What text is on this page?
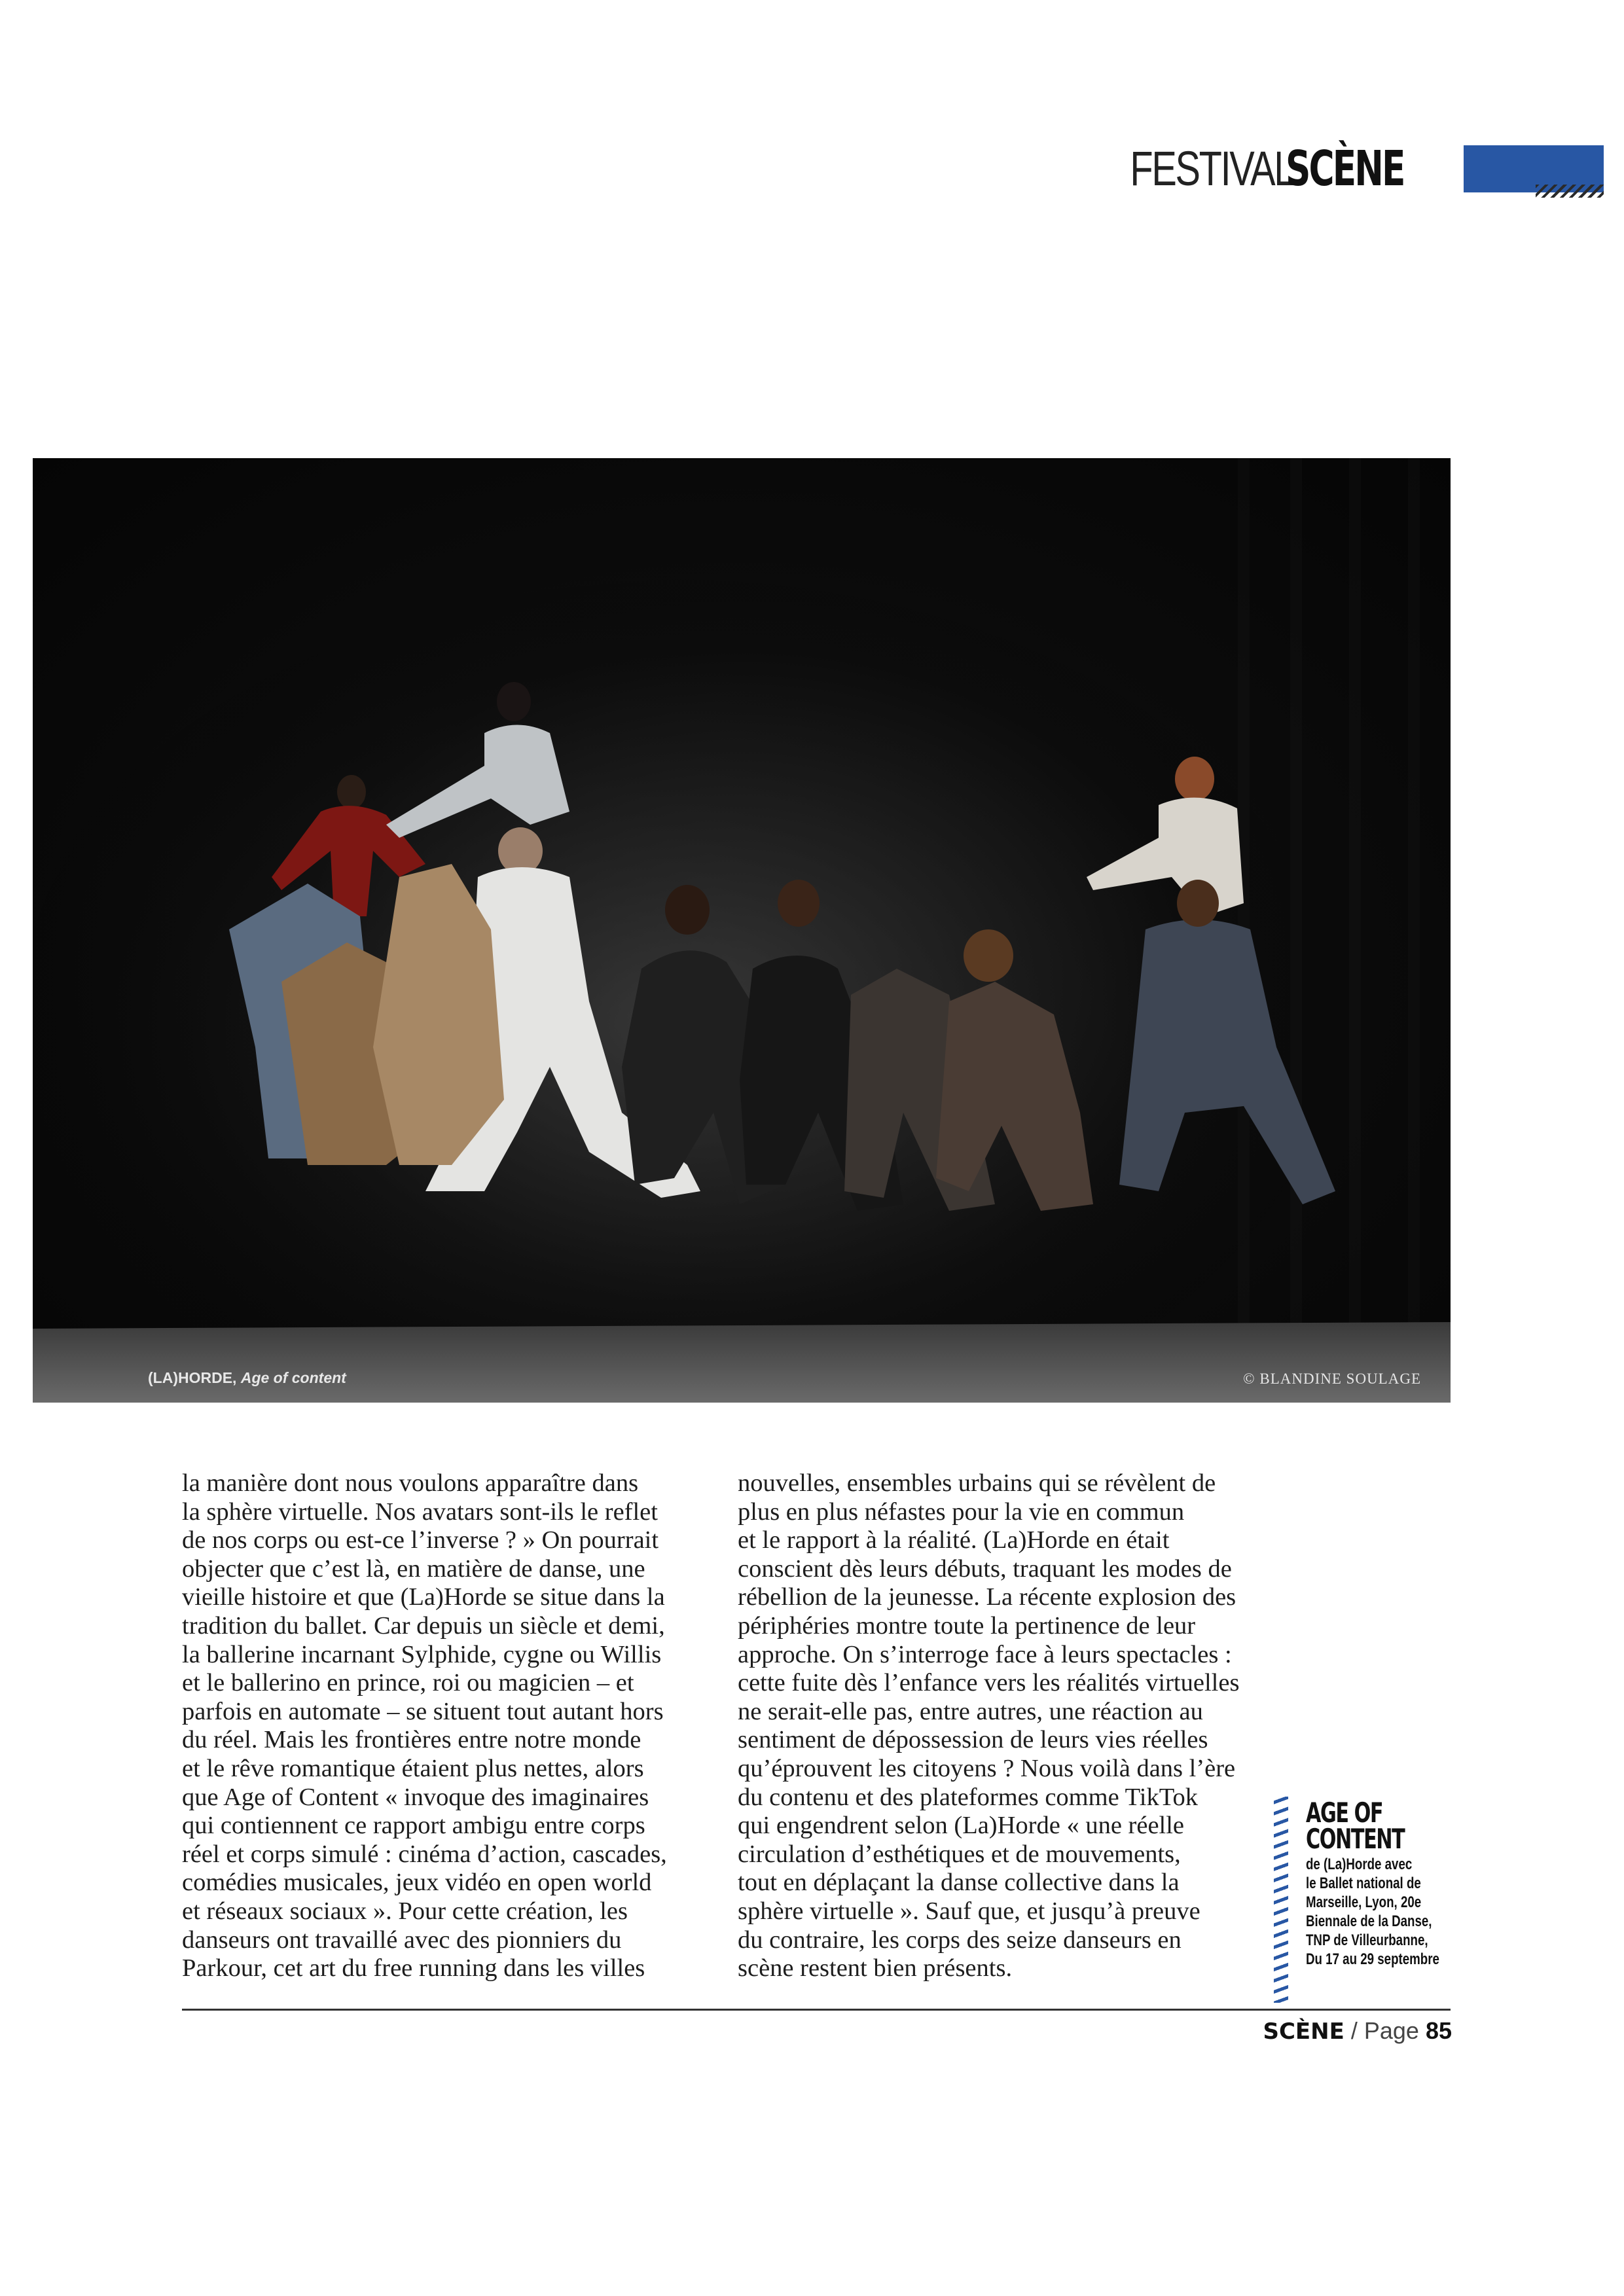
FESTIVAL
SCÈNE
(LA)HORDE, Age of content	© BLANDINE SOULAGE

la manière dont nous voulons apparaître dans

la sphère virtuelle. Nos avatars sont-ils le reflet

de nos corps ou est-ce l’inverse ? » On pourrait

objecter que c’est là, en matière de danse, une

vieille histoire et que (La)Horde se situe dans la

tradition du ballet. Car depuis un siècle et demi,

la ballerine incarnant Sylphide, cygne ou Willis

et le ballerino en prince, roi ou magicien – et

parfois en automate – se situent tout autant hors

du réel. Mais les frontières entre notre monde

et le rêve romantique étaient plus nettes, alors

que Age of Content « invoque des imaginaires

qui contiennent ce rapport ambigu entre corps

réel et corps simulé : cinéma d’action, cascades,

comédies musicales, jeux vidéo en open world

et réseaux sociaux ». Pour cette création, les

danseurs ont travaillé avec des pionniers du

Parkour, cet art du free running dans les villes

nouvelles, ensembles urbains qui se révèlent de

plus en plus néfastes pour la vie en commun

et le rapport à la réalité. (La)Horde en était

conscient dès leurs débuts, traquant les modes de

rébellion de la jeunesse. La récente explosion des

périphéries montre toute la pertinence de leur

approche. On s’interroge face à leurs spectacles :

cette fuite dès l’enfance vers les réalités virtuelles

ne serait-elle pas, entre autres, une réaction au

sentiment de dépossession de leurs vies réelles

qu’éprouvent les citoyens ? Nous voilà dans l’ère

du contenu et des plateformes comme TikTok

qui engendrent selon (La)Horde « une réelle

circulation d’esthétiques et de mouvements,

tout en déplaçant la danse collective dans la

sphère virtuelle ». Sauf que, et jusqu’à preuve

du contraire, les corps des seize danseurs en

scène restent bien présents.

AGE OF
CONTENT
de (La)Horde avec
le Ballet national de
Marseille, Lyon, 20e
Biennale de la Danse,
TNP de Villeurbanne,
Du 17 au 29 septembre
SCÈNE / Page 85
